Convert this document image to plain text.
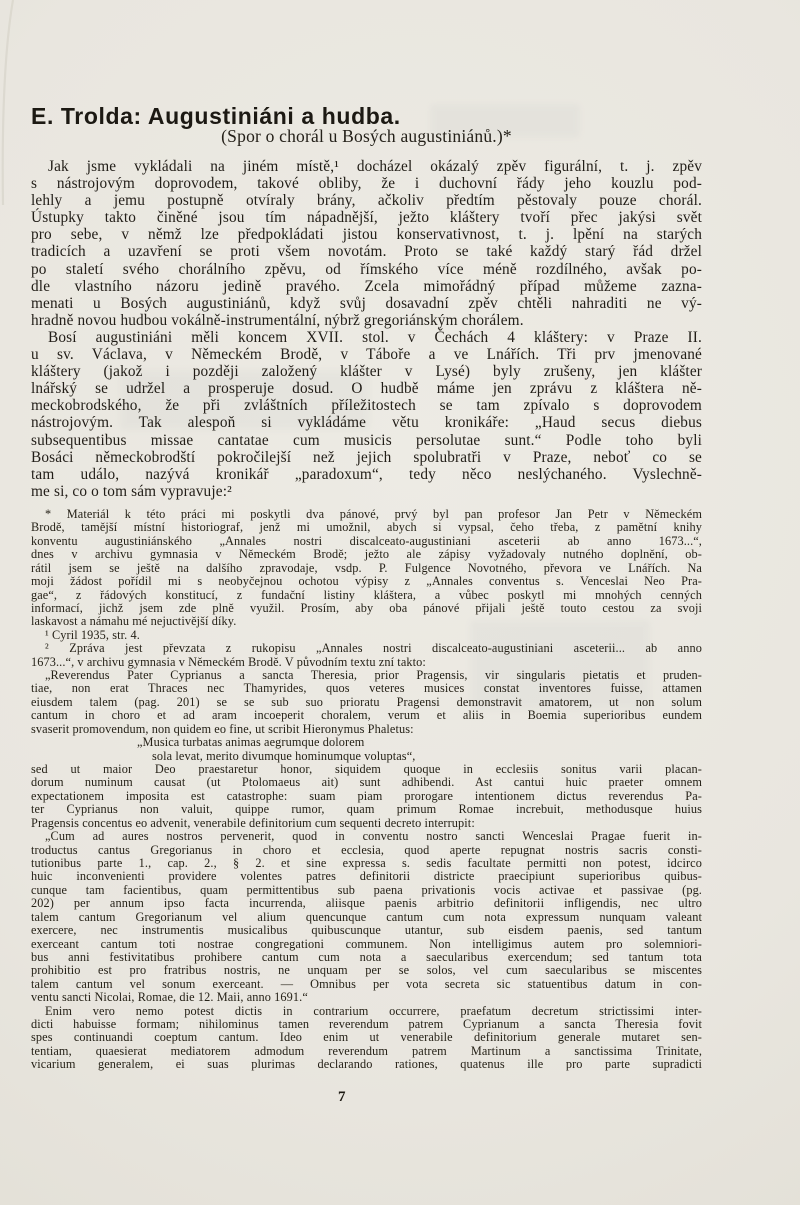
E. Trolda: Augustiniáni a hudba.
(Spor o chorál u Bosých augustiniánů.)*
Jak jsme vykládali na jiném místě,¹ docházel okázalý zpěv figurální, t. j. zpěv
s nástrojovým doprovodem, takové obliby, že i duchovní řády jeho kouzlu pod-
lehly a jemu postupně otvíraly brány, ačkoliv předtím pěstovaly pouze chorál.
Ústupky takto činěné jsou tím nápadnější, ježto kláštery tvoří přec jakýsi svět
pro sebe, v němž lze předpokládati jistou konservativnost, t. j. lpění na starých
tradicích a uzavření se proti všem novotám. Proto se také každý starý řád držel
po staletí svého chorálního zpěvu, od římského více méně rozdílného, avšak po-
dle vlastního názoru jedině pravého. Zcela mimořádný případ můžeme zazna-
menati u Bosých augustiniánů, když svůj dosavadní zpěv chtěli nahraditi ne vý-
hradně novou hudbou vokálně-instrumentální, nýbrž gregoriánským chorálem.
Bosí augustiniáni měli koncem XVII. stol. v Čechách 4 kláštery: v Praze II.
u sv. Václava, v Německém Brodě, v Táboře a ve Lnářích. Tři prv jmenované
kláštery (jakož i později založený klášter v Lysé) byly zrušeny, jen klášter
lnářský se udržel a prosperuje dosud. O hudbě máme jen zprávu z kláštera ně-
meckobrodského, že při zvláštních příležitostech se tam zpívalo s doprovodem
nástrojovým. Tak alespoň si vykládáme větu kronikáře: „Haud secus diebus
subsequentibus missae cantatae cum musicis persolutae sunt.“ Podle toho byli
Bosáci německobrodští pokročilejší než jejich spolubratři v Praze, neboť co se
tam událo, nazývá kronikář „paradoxum“, tedy něco neslýchaného. Vyslechně-
me si, co o tom sám vypravuje:²
* Materiál k této práci mi poskytli dva pánové, prvý byl pan profesor Jan Petr v Německém
Brodě, tamější místní historiograf, jenž mi umožnil, abych si vypsal, čeho třeba, z pamětní knihy
konventu augustiniánského „Annales nostri discalceato-augustiniani asceterii ab anno 1673...“,
dnes v archivu gymnasia v Německém Brodě; ježto ale zápisy vyžadovaly nutného doplnění, ob-
rátil jsem se ještě na dalšího zpravodaje, vsdp. P. Fulgence Novotného, převora ve Lnářích. Na
moji žádost pořídil mi s neobyčejnou ochotou výpisy z „Annales conventus s. Venceslai Neo Pra-
gae“, z řádových konstitucí, z fundační listiny kláštera, a vůbec poskytl mi mnohých cenných
informací, jichž jsem zde plně využil. Prosím, aby oba pánové přijali ještě touto cestou za svoji
laskavost a námahu mé nejuctivější díky.
¹ Cyril 1935, str. 4.
² Zpráva jest převzata z rukopisu „Annales nostri discalceato-augustiniani asceterii... ab anno
1673...“, v archivu gymnasia v Německém Brodě. V původním textu zní takto:
„Reverendus Pater Cyprianus a sancta Theresia, prior Pragensis, vir singularis pietatis et pruden-
tiae, non erat Thraces nec Thamyrides, quos veteres musices constat inventores fuisse, attamen
eiusdem talem (pag. 201) se se sub suo prioratu Pragensi demonstravit amatorem, ut non solum
cantum in choro et ad aram incoeperit choralem, verum et aliis in Boemia superioribus eundem
svaserit promovendum, non quidem eo fine, ut scribit Hieronymus Phaletus:
„Musica turbatas animas aegrumque dolorem
sola levat, merito divumque hominumque voluptas“,
sed ut maior Deo praestaretur honor, siquidem quoque in ecclesiis sonitus varii placan-
dorum numinum causat (ut Ptolomaeus ait) sunt adhibendi. Ast cantui huic praeter omnem
expectationem imposita est catastrophe: suam piam prorogare intentionem dictus reverendus Pa-
ter Cyprianus non valuit, quippe rumor, quam primum Romae increbuit, methodusque huius
Pragensis concentus eo advenit, venerabile definitorium cum sequenti decreto interrupit:
„Cum ad aures nostros pervenerit, quod in conventu nostro sancti Wenceslai Pragae fuerit in-
troductus cantus Gregorianus in choro et ecclesia, quod aperte repugnat nostris sacris consti-
tutionibus parte 1., cap. 2., § 2. et sine expressa s. sedis facultate permitti non potest, idcirco
huic inconvenienti providere volentes patres definitorii districte praecipiunt superioribus quibus-
cunque tam facientibus, quam permittentibus sub paena privationis vocis activae et passivae (pg.
202) per annum ipso facta incurrenda, aliisque paenis arbitrio definitorii infligendis, nec ultro
talem cantum Gregorianum vel alium quencunque cantum cum nota expressum nunquam valeant
exercere, nec instrumentis musicalibus quibuscunque utantur, sub eisdem paenis, sed tantum
exerceant cantum toti nostrae congregationi communem. Non intelligimus autem pro solemniori-
bus anni festivitatibus prohibere cantum cum nota a saecularibus exercendum; sed tantum tota
prohibitio est pro fratribus nostris, ne unquam per se solos, vel cum saecularibus se miscentes
talem cantum vel sonum exerceant. — Omnibus per vota secreta sic statuentibus datum in con-
ventu sancti Nicolai, Romae, die 12. Maii, anno 1691.“
Enim vero nemo potest dictis in contrarium occurrere, praefatum decretum strictissimi inter-
dicti habuisse formam; nihilominus tamen reverendum patrem Cyprianum a sancta Theresia fovit
spes continuandi coeptum cantum. Ideo enim ut venerabile definitorium generale mutaret sen-
tentiam, quaesierat mediatorem admodum reverendum patrem Martinum a sanctissima Trinitate,
vicarium generalem, ei suas plurimas declarando rationes, quatenus ille pro parte supradicti
7
